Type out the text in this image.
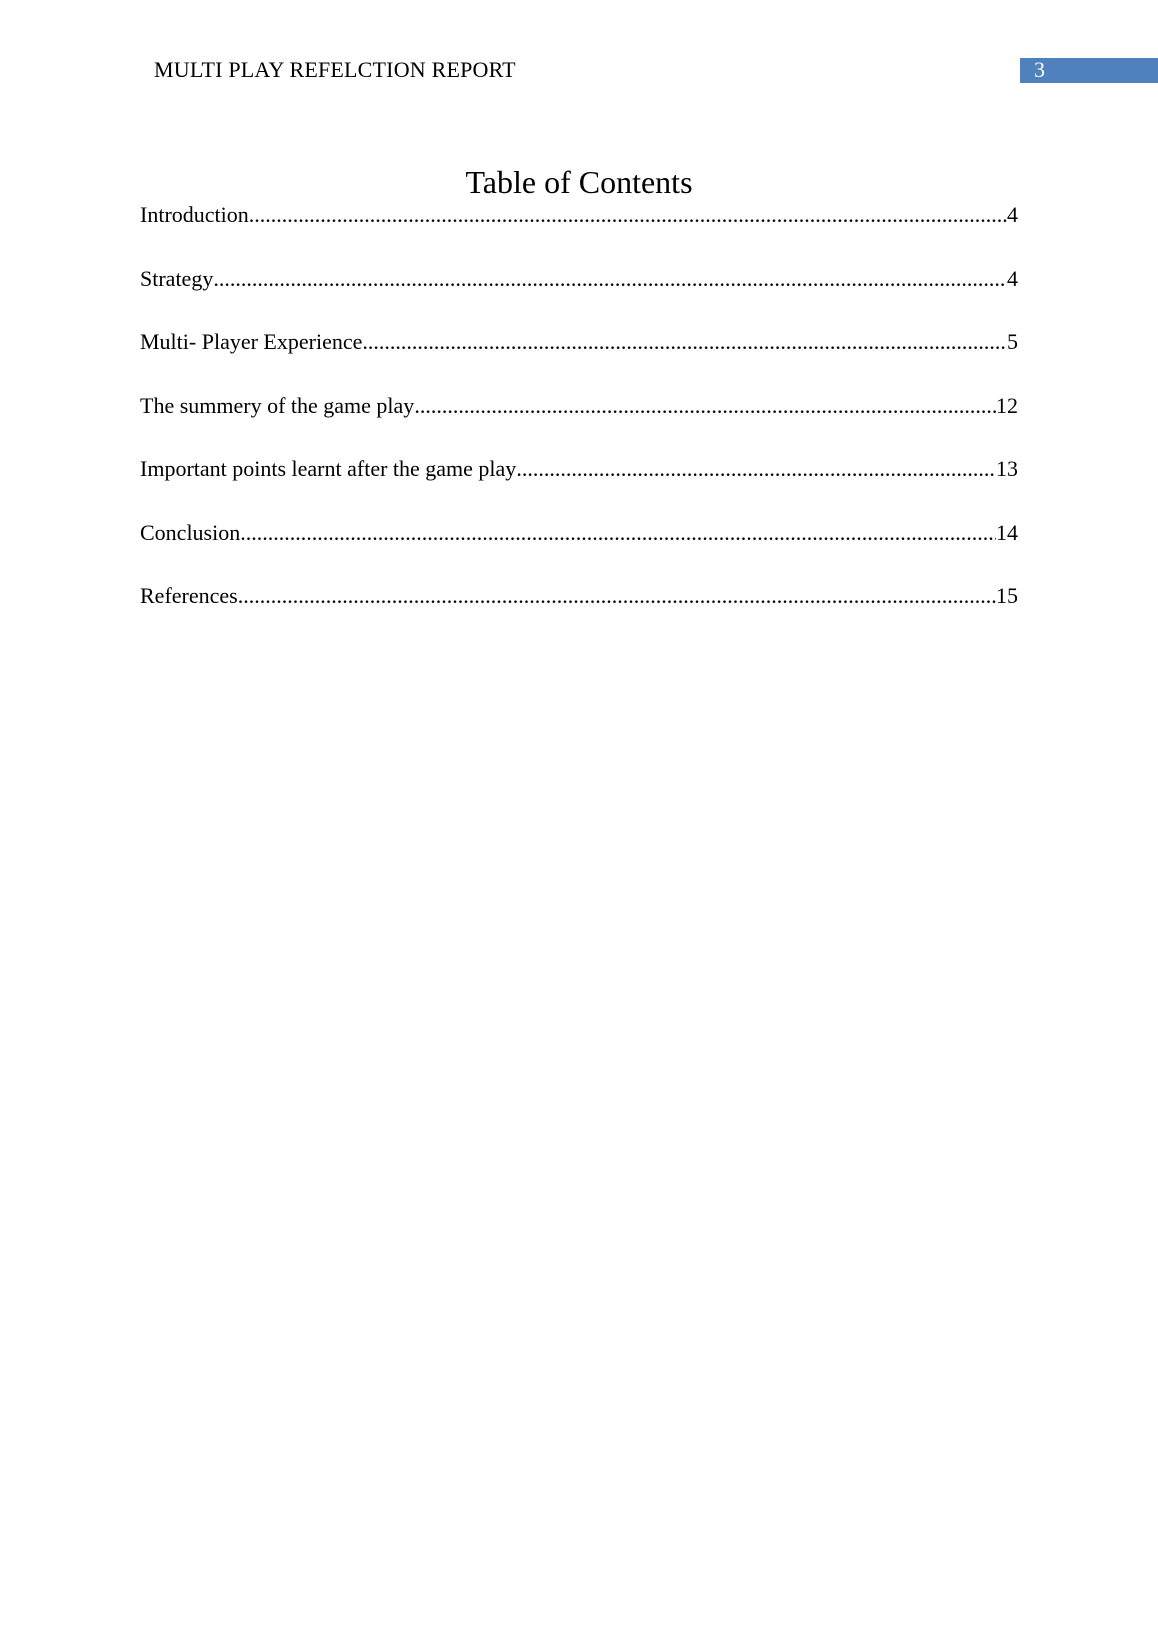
MULTI PLAY REFELCTION REPORT	3
Table of Contents
Introduction .....	4
Strategy .....	4
Multi- Player Experience .....	5
The summery of the game play .....	12
Important points learnt after the game play .....	13
Conclusion .....	14
References .....	15
